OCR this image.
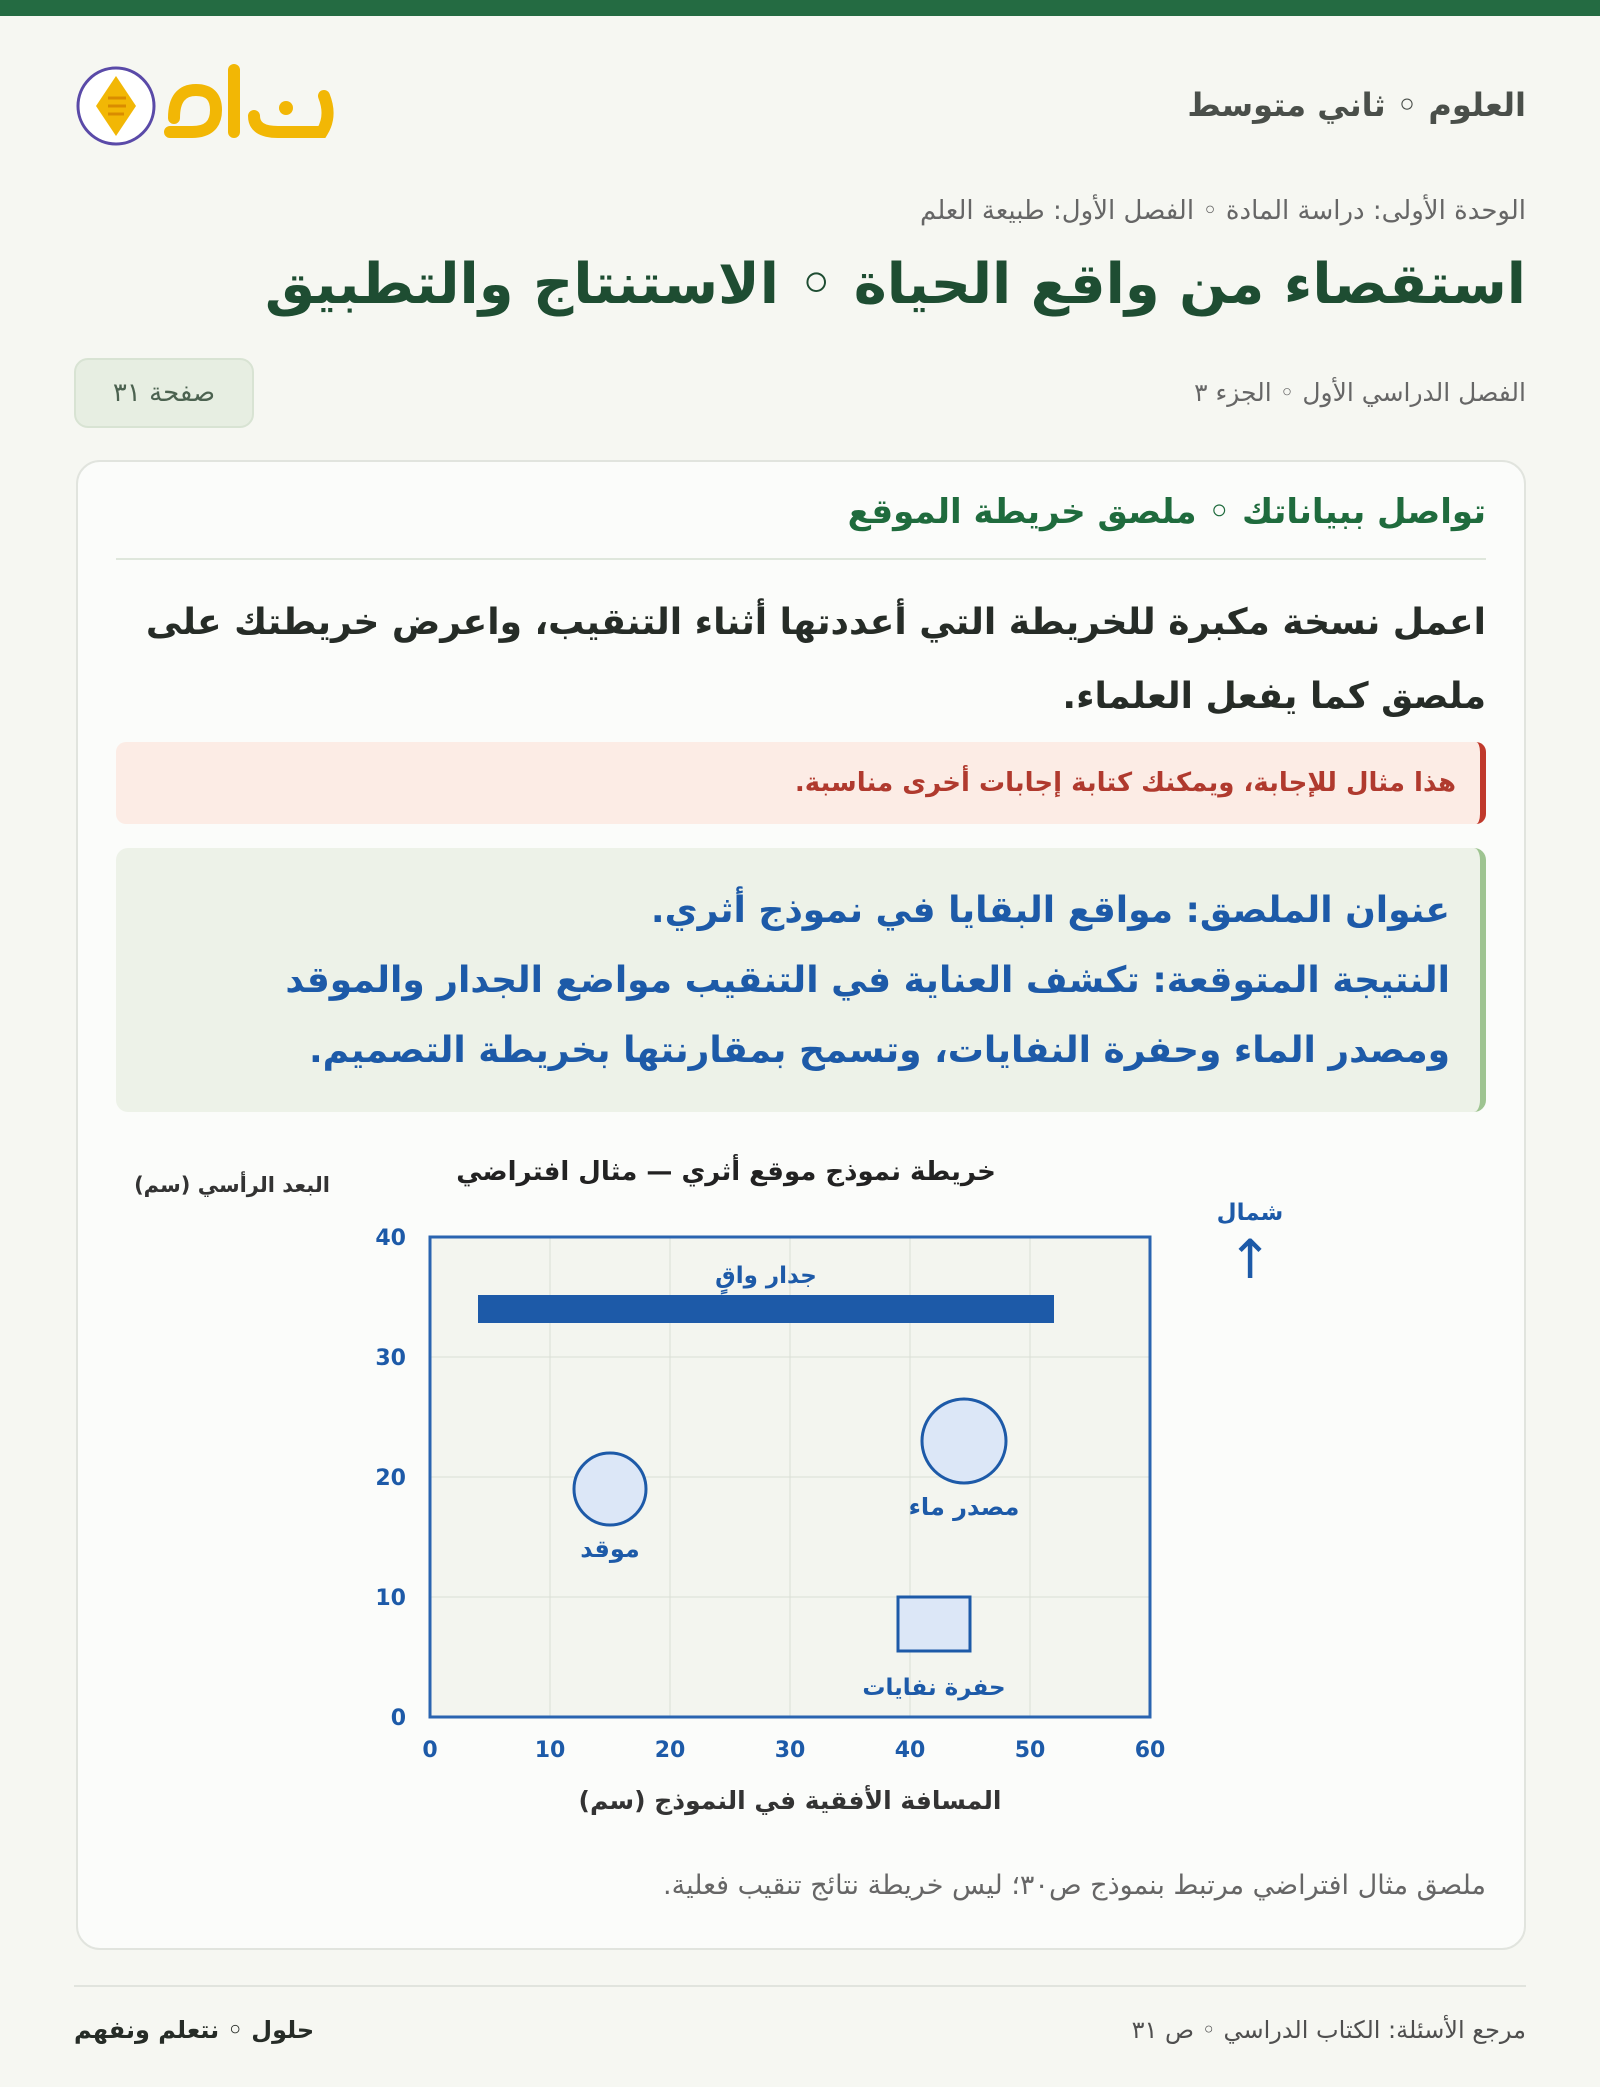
العلوم ◦ ثاني متوسط
الوحدة الأولى: دراسة المادة ◦ الفصل الأول: طبيعة العلم
استقصاء من واقع الحياة ◦ الاستنتاج والتطبيق
الفصل الدراسي الأول ◦ الجزء ٣
صفحة ٣١
تواصل ببياناتك ◦ ملصق خريطة الموقع
اعمل نسخة مكبرة للخريطة التي أعددتها أثناء التنقيب، واعرض خريطتك على ملصق كما يفعل العلماء.
هذا مثال للإجابة، ويمكنك كتابة إجابات أخرى مناسبة.

عنوان الملصق: مواقع البقايا في نموذج أثري.

النتيجة المتوقعة: تكشف العناية في التنقيب مواضع الجدار والموقد

ومصدر الماء وحفرة النفايات، وتسمح بمقارنتها بخريطة التصميم.

ملصق مثال افتراضي مرتبط بنموذج ص٣٠؛ ليس خريطة نتائج تنقيب فعلية.
0	10	20	30	40	50	60
0
10
20
30
40
المسافة الأفقية في النموذج (سم)
البعد الرأسي (سم)	خريطة نموذج موقع أثري — مثال افتراضي
شمال
↑
جدار واقٍ
مصدر ماء
موقد
حفرة نفايات
مرجع الأسئلة: الكتاب الدراسي ◦ ص ٣١
حلول ◦ نتعلم ونفهم
